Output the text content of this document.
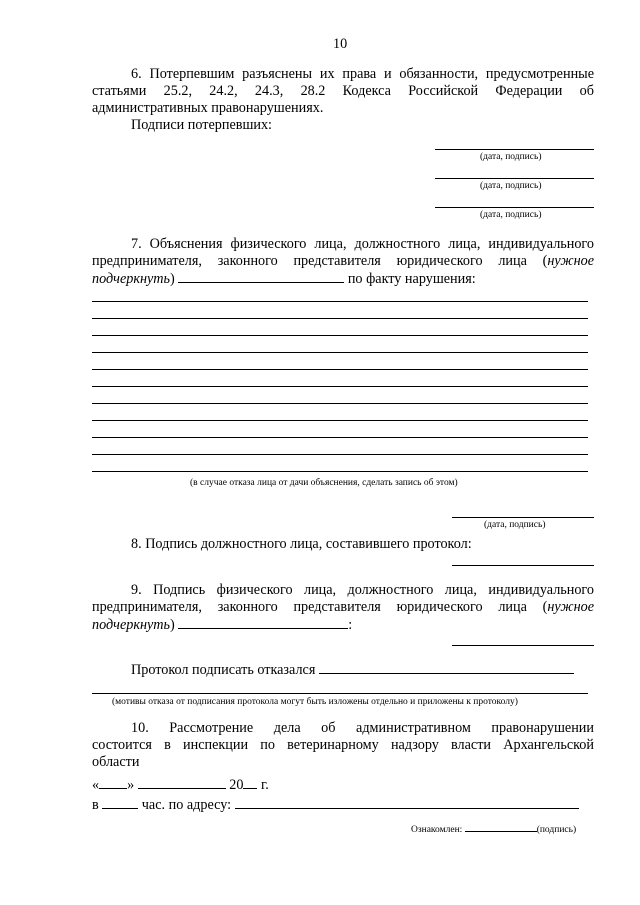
10
6. Потерпевшим разъяснены их права и обязанности, предусмотренные
статьями 25.2, 24.2, 24.3, 28.2 Кодекса Российской Федерации об
административных правонарушениях.
Подписи потерпевших:
(дата, подпись)
(дата, подпись)
(дата, подпись)
7. Объяснения физического лица, должностного лица, индивидуального
предпринимателя, законного представителя юридического лица (нужное
подчеркнуть)	по факту нарушения:
(в случае отказа лица от дачи объяснения, сделать запись об этом)
(дата, подпись)
8. Подпись должностного лица, составившего протокол:
9. Подпись физического лица, должностного лица, индивидуального
предпринимателя, законного представителя юридического лица (нужное
подчеркнуть)	:
Протокол подписать отказался
(мотивы отказа от подписания протокола могут быть изложены отдельно и приложены к протоколу)
10. Рассмотрение дела об административном правонарушении
состоится в инспекции по ветеринарному надзору власти Архангельской
области
« »	20 г.
в	час. по адресу:
Ознакомлен:	(подпись)
